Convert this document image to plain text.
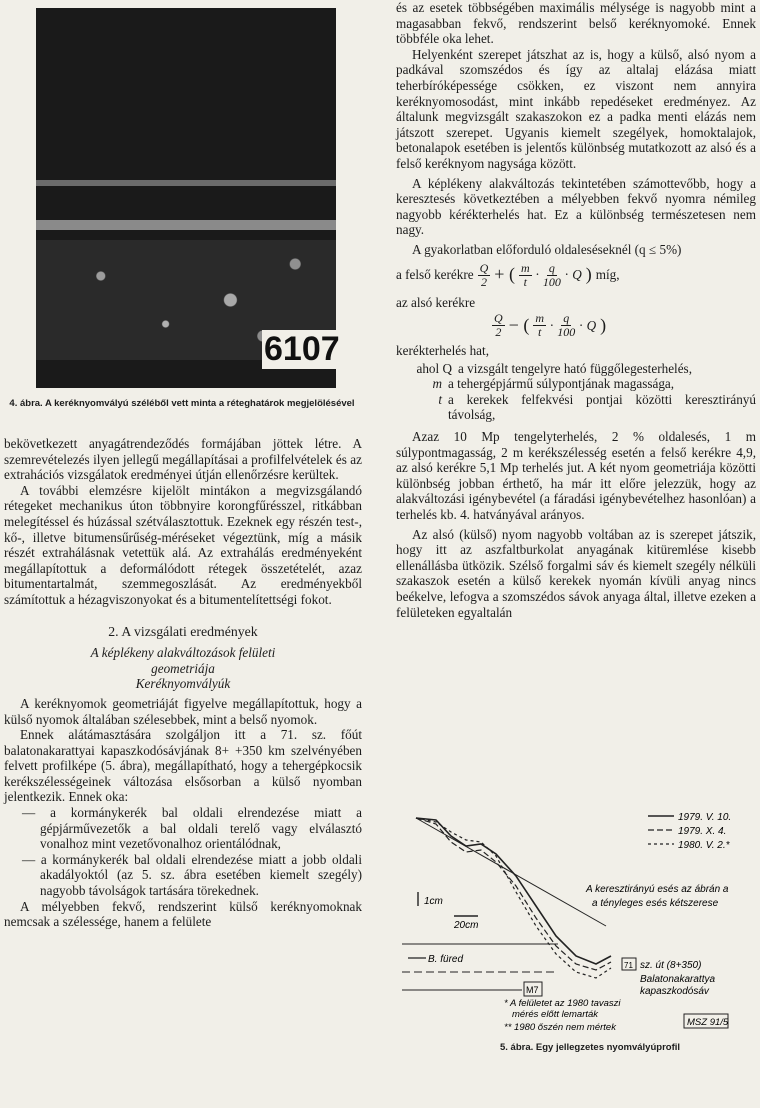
6107
4. ábra. A keréknyomvályú széléből vett minta a réteghatárok megjelölésével

bekövetkezett anyagátrendeződés formájában jöttek létre. A szemrevételezés ilyen jellegű megállapításai a profilfelvételek és az extrahációs vizsgálatok eredményei útján ellenőrzésre kerültek.

A további elemzésre kijelölt mintákon a megvizsgálandó rétegeket mechanikus úton többnyire korongfűrésszel, ritkábban melegítéssel és húzással szétválasztottuk. Ezeknek egy részén test-, kő-, illetve bitumensűrűség-méréseket végeztünk, míg a másik részét extrahálásnak vetettük alá. Az extrahálás eredményeként megállapítottuk a deformálódott rétegek összetételét, azaz bitumentartalmát, szemmegoszlását. Az eredményekből számítottuk a hézagviszonyokat és a bitumentelítettségi fokot.

2. A vizsgálati eredmények
A képlékeny alakváltozások felületi
geometriája
Keréknyomvályúk

A keréknyomok geometriáját figyelve megállapítottuk, hogy a külső nyomok általában szélesebbek, mint a belső nyomok.

Ennek alátámasztására szolgáljon itt a 71. sz. főút balatonakarattyai kapaszkodósávjának 8+ +350 km szelvényében felvett profilképe (5. ábra), megállapítható, hogy a tehergépkocsik kerékszélességeinek változása elsősorban a külső nyomban jelentkezik. Ennek oka:

— a kormánykerék bal oldali elrendezése miatt a gépjárművezetők a bal oldali terelő vagy elválasztó vonalhoz mint vezetővonalhoz orientálódnak,

— a kormánykerék bal oldali elrendezése miatt a jobb oldali akadályoktól (az 5. sz. ábra esetében kiemelt szegély) nagyobb távolságok tartására törekednek.

A mélyebben fekvő, rendszerint külső keréknyomoknak nemcsak a szélessége, hanem a felülete

és az esetek többségében maximális mélysége is nagyobb mint a magasabban fekvő, rendszerint belső keréknyomoké. Ennek többféle oka lehet.

Helyenként szerepet játszhat az is, hogy a külső, alsó nyom a padkával szomszédos és így az altalaj elázása miatt teherbíróképessége csökken, ez viszont nem annyira keréknyomosodást, mint inkább repedéseket eredményez. Az általunk megvizsgált szakaszokon ez a padka menti elázás nem játszott szerepet. Ugyanis kiemelt szegélyek, homoktalajok, betonalapok esetében is jelentős különbség mutatkozott az alsó és a felső keréknyom nagysága között.

A képlékeny alakváltozás tekintetében számottevőbb, hogy a keresztesés következtében a mélyebben fekvő nyomra némileg nagyobb kérékterhelés hat. Ez a különbség természetesen nem nagy.

A gyakorlatban előforduló oldaleséseknél (q ≤ 5%)

a felső kerékre $\frac{Q}{2}$ + ( $\frac{m}{t} \cdot \frac{q}{100} \cdot Q$ ) míg,

az alsó kerékre

$\frac{Q}{2}$ − ( $\frac{m}{t} \cdot \frac{q}{100} \cdot Q$ )

kerékterhelés hat,

ahol Q a vizsgált tengelyre ható függőlegesterhelés,
m a tehergépjármű súlypontjának magassága,
t a kerekek felfekvési pontjai közötti keresztirányú távolság,

Azaz 10 Mp tengelyterhelés, 2 % oldalesés, 1 m súlypontmagasság, 2 m kerékszélesség esetén a felső kerékre 4,9, az alsó kerékre 5,1 Mp terhelés jut. A két nyom geometriája közötti különbség jobban érthető, ha már itt előre jelezzük, hogy az alakváltozási igénybevétel (a fáradási igénybevételhez hasonlóan) a terhelés kb. 4. hatványával arányos.

Az alsó (külső) nyom nagyobb voltában az is szerepet játszik, hogy itt az aszfaltburkolat anyagának kitüremlése kisebb ellenállásba ütközik. Szélső forgalmi sáv és kiemelt szegély nélküli szakaszok esetén a külső kerekek nyomán kívüli anyag nincs beékelve, lefogva a szomszédos sávok anyaga által, illetve ezeken a felületeken egyaltalán

1979. V. 10.
1979. X. 4.
1980. V. 2.*
A keresztirányú esés az ábrán a
a tényleges esés kétszerese
1cm
20cm
B. füred
M7
71 sz. út (8+350)
Balatonakarattya
kapaszkodósáv
* A felületet az 1980 tavaszi
mérés előtt lemarták
** 1980 őszén nem mértek	MSZ 91/5
5. ábra. Egy jellegzetes nyomvályúprofil
